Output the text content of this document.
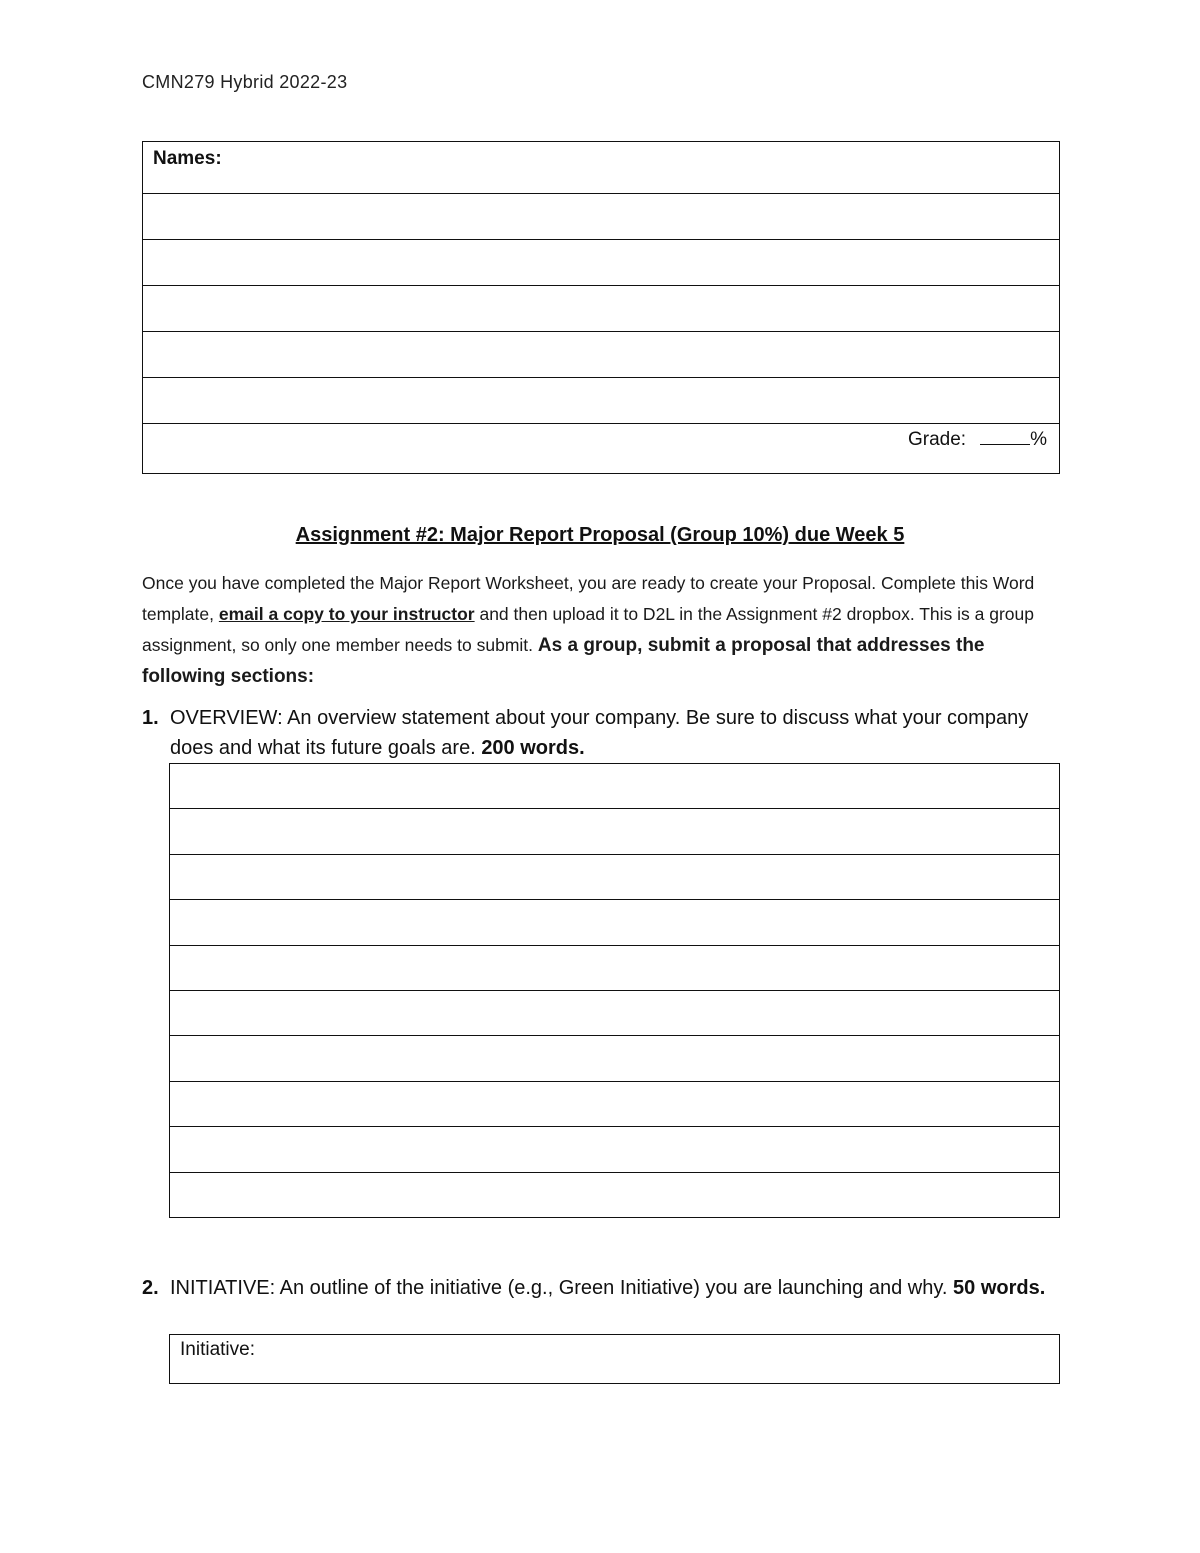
CMN279 Hybrid 2022-23
Names:

Grade:	%
Assignment #2: Major Report Proposal (Group 10%) due Week 5
Once you have completed the Major Report Worksheet, you are ready to create your Proposal. Complete this Word template, email a copy to your instructor and then upload it to D2L in the Assignment #2 dropbox. This is a group assignment, so only one member needs to submit. As a group, submit a proposal that addresses the following sections:
1. OVERVIEW: An overview statement about your company. Be sure to discuss what your company does and what its future goals are. 200 words.

2. INITIATIVE: An outline of the initiative (e.g., Green Initiative) you are launching and why. 50 words.
Initiative:
